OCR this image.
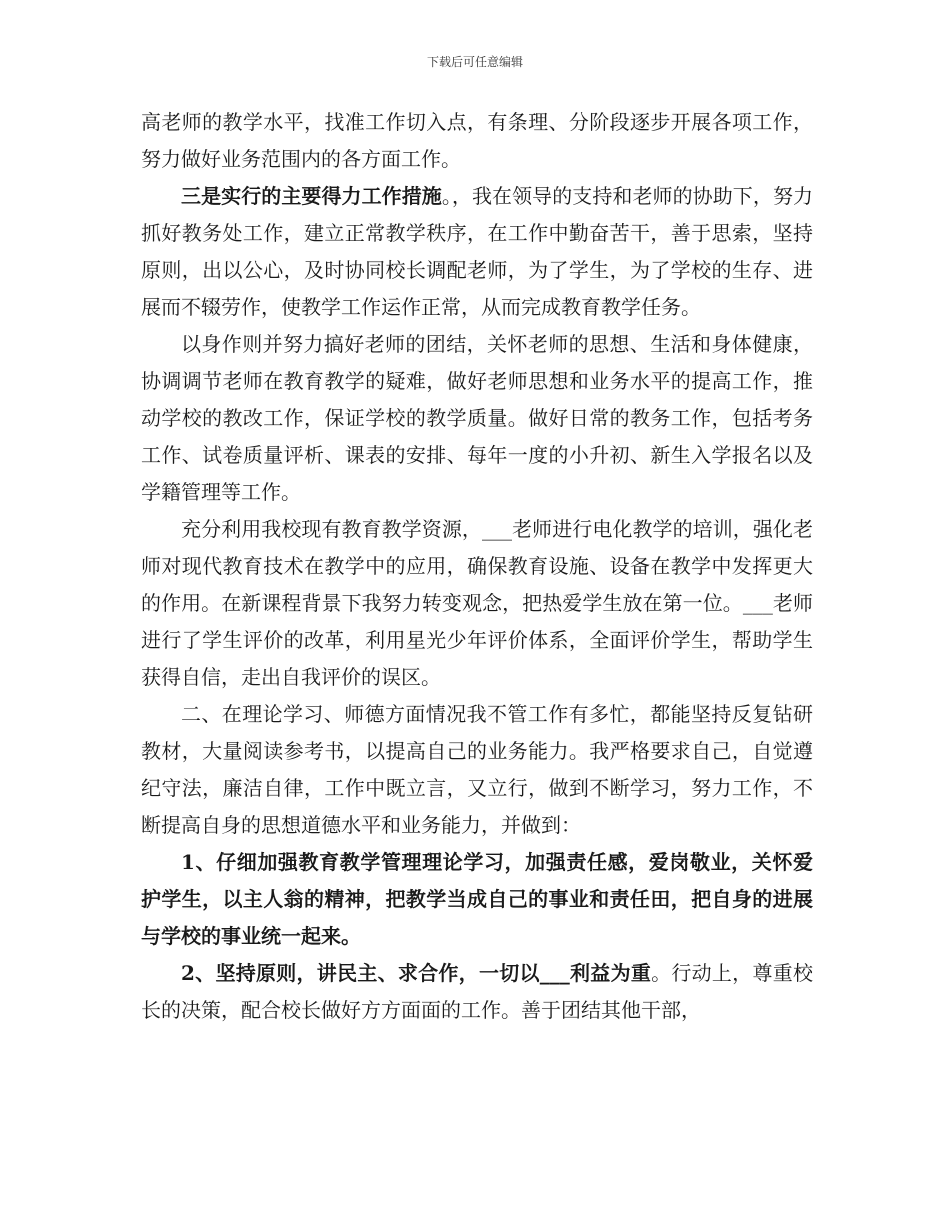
下载后可任意编辑

高老师的教学水平，找准工作切入点，有条理、分阶段逐步开展各项工作，努力做好业务范围内的各方面工作。

三是实行的主要得力工作措施。，我在领导的支持和老师的协助下，努力抓好教务处工作，建立正常教学秩序，在工作中勤奋苦干，善于思索，坚持原则，出以公心，及时协同校长调配老师，为了学生，为了学校的生存、进展而不辍劳作，使教学工作运作正常，从而完成教育教学任务。

以身作则并努力搞好老师的团结，关怀老师的思想、生活和身体健康，协调调节老师在教育教学的疑难，做好老师思想和业务水平的提高工作，推动学校的教改工作，保证学校的教学质量。做好日常的教务工作，包括考务工作、试卷质量评析、课表的安排、每年一度的小升初、新生入学报名以及学籍管理等工作。

充分利用我校现有教育教学资源，___老师进行电化教学的培训，强化老师对现代教育技术在教学中的应用，确保教育设施、设备在教学中发挥更大的作用。在新课程背景下我努力转变观念，把热爱学生放在第一位。___老师进行了学生评价的改革，利用星光少年评价体系，全面评价学生，帮助学生获得自信，走出自我评价的误区。

二、在理论学习、师德方面情况我不管工作有多忙，都能坚持反复钻研教材，大量阅读参考书，以提高自己的业务能力。我严格要求自己，自觉遵纪守法，廉洁自律，工作中既立言，又立行，做到不断学习，努力工作，不断提高自身的思想道德水平和业务能力，并做到：

1、仔细加强教育教学管理理论学习，加强责任感，爱岗敬业，关怀爱护学生，以主人翁的精神，把教学当成自己的事业和责任田，把自身的进展与学校的事业统一起来。

2、坚持原则，讲民主、求合作，一切以___利益为重。行动上，尊重校长的决策，配合校长做好方方面面的工作。善于团结其他干部，
